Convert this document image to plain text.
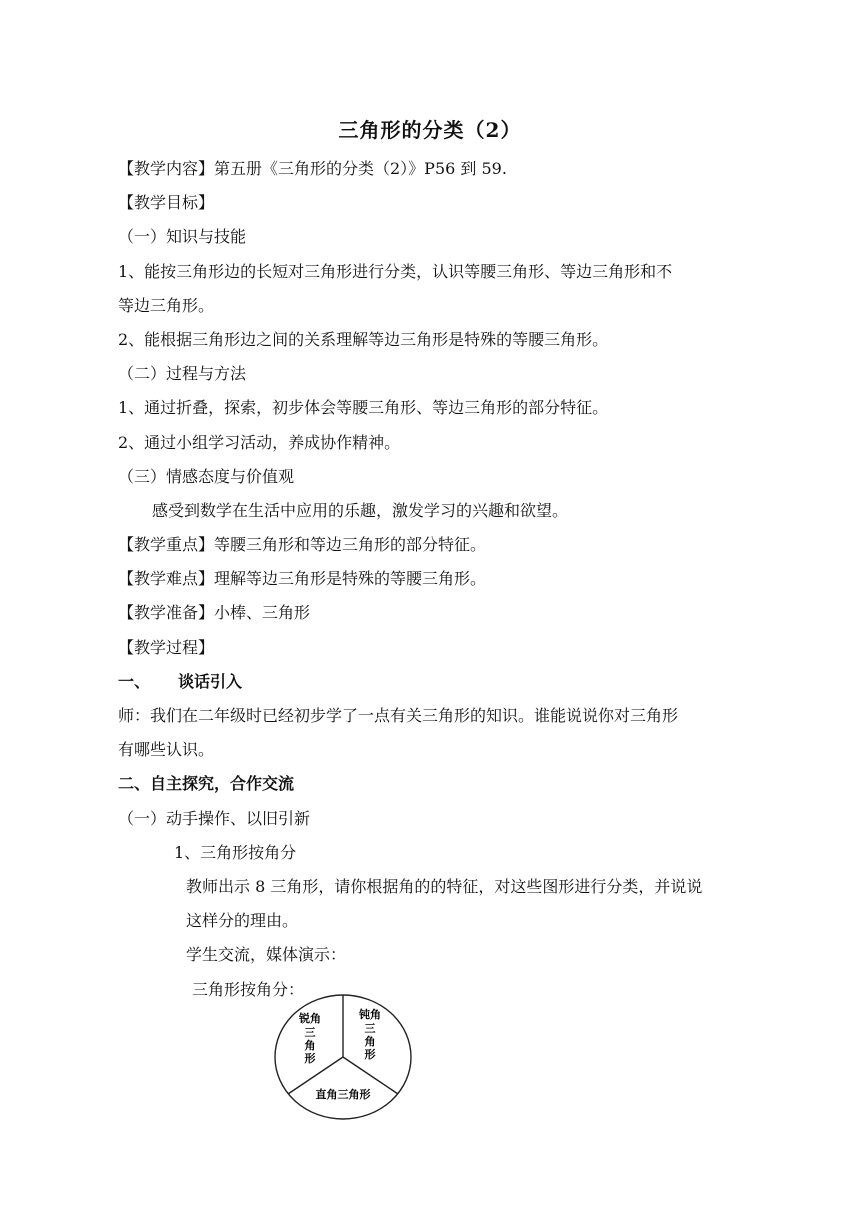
三角形的分类（2）
【教学内容】第五册《三角形的分类（2）》P56 到 59.
【教学目标】
（一）知识与技能
1、能按三角形边的长短对三角形进行分类，认识等腰三角形、等边三角形和不
等边三角形。
2、能根据三角形边之间的关系理解等边三角形是特殊的等腰三角形。
（二）过程与方法
1、通过折叠，探索，初步体会等腰三角形、等边三角形的部分特征。
2、通过小组学习活动，养成协作精神。
（三）情感态度与价值观
感受到数学在生活中应用的乐趣，激发学习的兴趣和欲望。
【教学重点】等腰三角形和等边三角形的部分特征。
【教学难点】理解等边三角形是特殊的等腰三角形。
【教学准备】小棒、三角形
【教学过程】
一、 谈话引入
师：我们在二年级时已经初步学了一点有关三角形的知识。谁能说说你对三角形
有哪些认识。
二、自主探究，合作交流
（一）动手操作、以旧引新
1、三角形按角分
教师出示 8 三角形，请你根据角的的特征，对这些图形进行分类，并说说
这样分的理由。
学生交流，媒体演示：
三角形按角分：
锐角
三
角
形
钝角
三
角
形
直角三角形
